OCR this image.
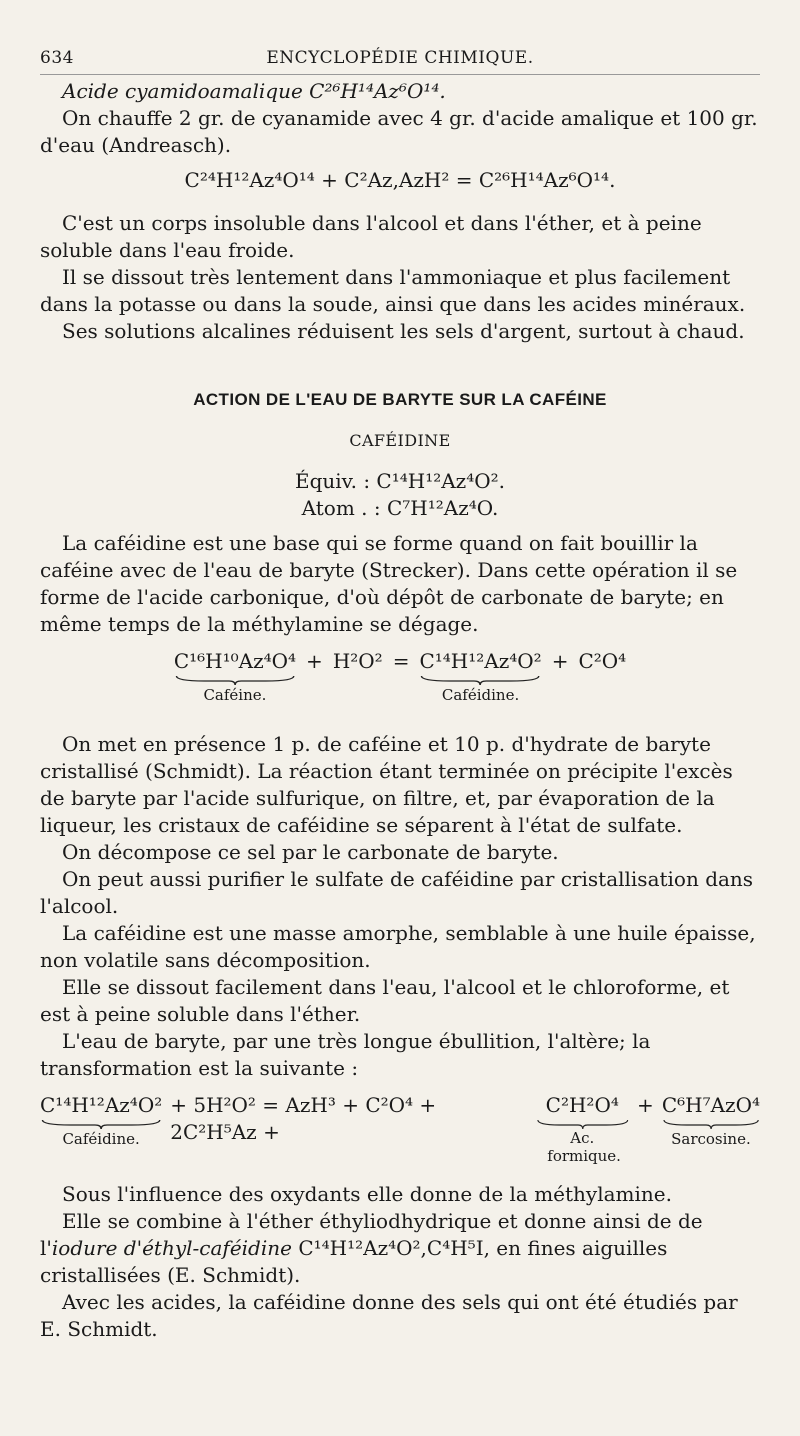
634	ENCYCLOPÉDIE CHIMIQUE.

Acide cyamidoamalique C²⁶H¹⁴Az⁶O¹⁴.

On chauffe 2 gr. de cyanamide avec 4 gr. d'acide amalique et 100 gr. d'eau (Andreasch).

C²⁴H¹²Az⁴O¹⁴ + C²Az,AzH² = C²⁶H¹⁴Az⁶O¹⁴.

C'est un corps insoluble dans l'alcool et dans l'éther, et à peine soluble dans l'eau froide.

Il se dissout très lentement dans l'ammoniaque et plus facilement dans la potasse ou dans la soude, ainsi que dans les acides minéraux.

Ses solutions alcalines réduisent les sels d'argent, surtout à chaud.

ACTION DE L'EAU DE BARYTE SUR LA CAFÉINE
CAFÉIDINE
Équiv. : C¹⁴H¹²Az⁴O².
Atom . : C⁷H¹²Az⁴O.

La caféidine est une base qui se forme quand on fait bouillir la caféine avec de l'eau de baryte (Strecker). Dans cette opération il se forme de l'acide carbonique, d'où dépôt de carbonate de baryte; en même temps de la méthylamine se dégage.

C¹⁶H¹⁰Az⁴O⁴
Caféine.
+ H²O² = C¹⁴H¹²Az⁴O²
Caféidine.
+ C²O⁴

On met en présence 1 p. de caféine et 10 p. d'hydrate de baryte cristallisé (Schmidt). La réaction étant terminée on précipite l'excès de baryte par l'acide sulfurique, on filtre, et, par évaporation de la liqueur, les cristaux de caféidine se séparent à l'état de sulfate.

On décompose ce sel par le carbonate de baryte.

On peut aussi purifier le sulfate de caféidine par cristallisation dans l'alcool.

La caféidine est une masse amorphe, semblable à une huile épaisse, non volatile sans décomposition.

Elle se dissout facilement dans l'eau, l'alcool et le chloroforme, et est à peine soluble dans l'éther.

L'eau de baryte, par une très longue ébullition, l'altère; la transformation est la suivante :

C¹⁴H¹²Az⁴O²
Caféidine.
+ 5H²O² = AzH³ + C²O⁴ + 2C²H⁵Az +
C²H²O⁴
Ac. formique.
+ C⁶H⁷AzO⁴
Sarcosine.

Sous l'influence des oxydants elle donne de la méthylamine.

Elle se combine à l'éther éthyliodhydrique et donne ainsi de de l'iodure d'éthyl-caféidine C¹⁴H¹²Az⁴O²,C⁴H⁵I, en fines aiguilles cristallisées (E. Schmidt).

Avec les acides, la caféidine donne des sels qui ont été étudiés par E. Schmidt.
